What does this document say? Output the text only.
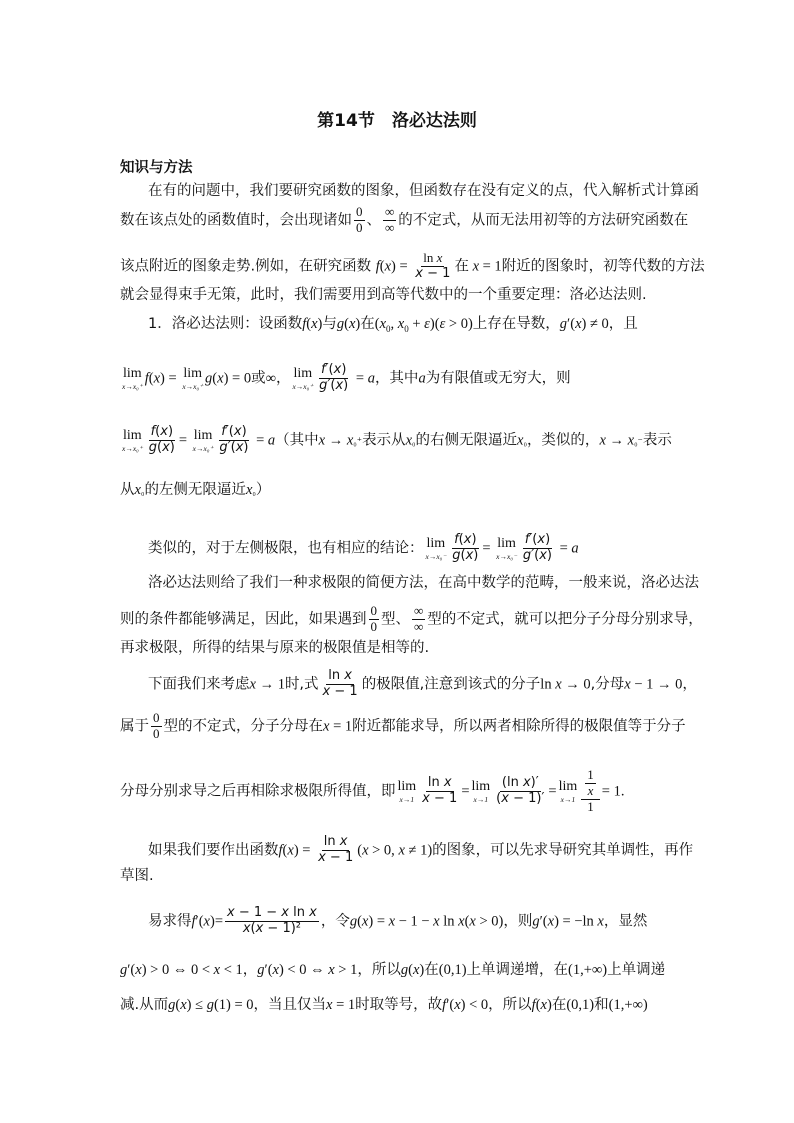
第14节　洛必达法则
知识与方法
在有的问题中，我们要研究函数的图象，但函数存在没有定义的点，代入解析式计算函
数在该点处的函数值时，会出现诸如 $\frac{0}{0}$ 、 $\frac{\infty}{\infty}$ 的不定式，从而无法用初等的方法研究函数在
该点附近的图象走势.例如，在研究函数 $f(x) = \frac{\text{ln x}}{x - 1}$ 在 x = 1附近的图象时，初等代数的方法
就会显得束手无策，此时，我们需要用到高等代数中的一个重要定理：洛必达法则.
1．洛必达法则：设函数f(x)与g(x)在($x_0$, $x_0 + \varepsilon)(\varepsilon > 0)$上存在导数，g′(x) ≠ 0，且
lim
x→x₀⁺ f(x) = lim
x→x₀⁺ g(x) = 0或∞， lim
$x\to x_0^+ \frac{f'(x)}{g'(x)} = a$，其中a为有限值或无穷大，则
lim
$x\to x_0^+ \frac{f(x)}{g(x)} = \lim$
$x\to x_0^+ \frac{f'(x)}{g'(x)} = a$（其中x → x₀⁺表示从x₀的右侧无限逼近x₀，类似的，x → x₀⁻表示
从x₀的左侧无限逼近x₀）
类似的，对于左侧极限，也有相应的结论： lim
$x\to x_0^- \frac{f(x)}{g(x)} = \lim$
$x\to x_0^- \frac{f'(x)}{g'(x)} = a$
洛必达法则给了我们一种求极限的简便方法，在高中数学的范畴，一般来说，洛必达法
则的条件都能够满足，因此，如果遇到 $\frac{0}{0}$ 型、 $\frac{\infty}{\infty}$ 型的不定式，就可以把分子分母分别求导，
再求极限，所得的结果与原来的极限值是相等的.
下面我们来考虑x → 1时,式 $\frac{\text{ln x}}{x - 1}$ 的极限值,注意到该式的分子ln x → 0,分母x − 1 → 0，
属于 $\frac{0}{0}$ 型的不定式，分子分母在x = 1附近都能求导，所以两者相除所得的极限值等于分子
分母分别求导之后再相除求极限所得值，即 lim
$x\to 1 \frac{\text{ln x}}{x - 1} = \lim$
$x\to 1 \frac{\text{(ln x)′}}{(x - 1)'} = \lim$
$x\to 1 \frac{\frac{1}{x}}{1} = 1$.
如果我们要作出函数$f(x) = \frac{\text{ln x}}{x - 1} (x > 0$, x ≠ 1)的图象，可以先求导研究其单调性，再作
草图.
易求得$f'(x)= \frac{\text{x − 1 − x ln x}}{\text{x(x − 1)²}}$ ，令g(x) = x − 1 − x ln x(x > 0)，则g′(x) = −ln x，显然
g′(x) > 0 ⇔ 0 < x < 1，g′(x) < 0 ⇔ x > 1，所以g(x)在(0,1)上单调递增，在(1,+∞)上单调递
减.从而g(x) ≤ g(1) = 0，当且仅当x = 1时取等号，故f′(x) < 0，所以f(x)在(0,1)和(1,+∞)
